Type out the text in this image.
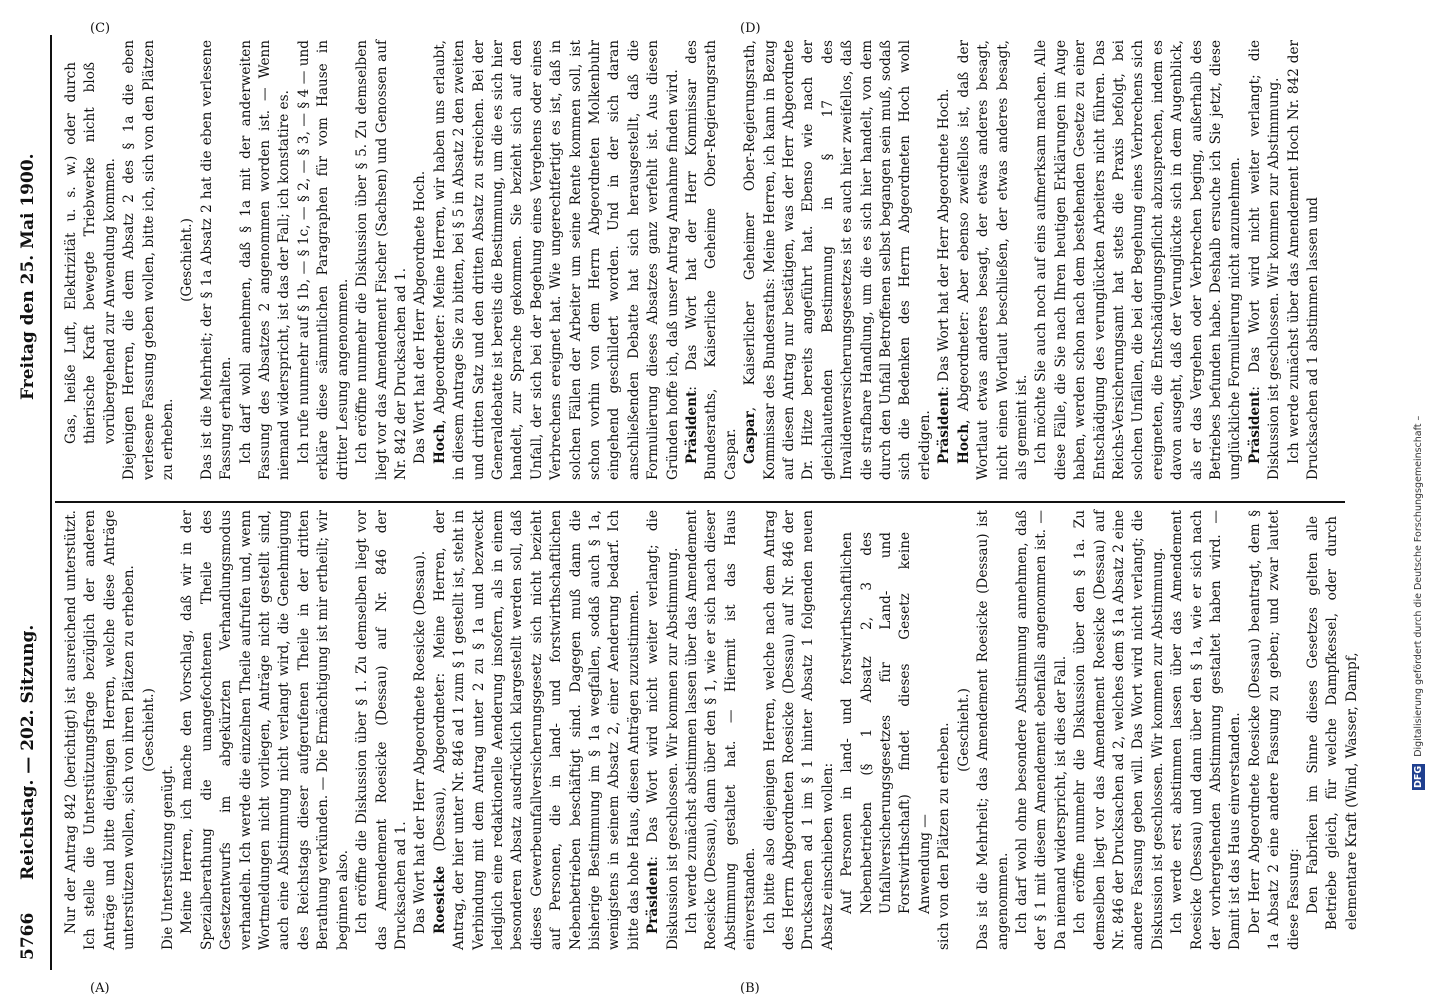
5766
Reichstag. — 202. Sitzung.
Freitag den 25. Mai 1900.

Nur der Antrag 842 (berichtigt) ist ausreichend unterstützt. Ich stelle die Unterstützungsfrage bezüglich der anderen Anträge und bitte diejenigen Herren, welche diese Anträge unterstützen wollen, sich von ihren Plätzen zu erheben. (Geschieht.)

Die Unterstützung genügt. Meine Herren, ich mache den Vorschlag, daß wir in der Spezialberathung die unangefochtenen Theile des Gesetzentwurfs im abgekürzten Verhandlungsmodus verhandeln. Ich werde die einzelnen Theile aufrufen und, wenn Wortmeldungen nicht vorliegen, Anträge nicht gestellt sind, auch eine Abstimmung nicht verlangt wird, die Genehmigung des Reichstags dieser aufgerufenen Theile in der dritten Berathung verkünden. — Die Ermächtigung ist mir ertheilt; wir beginnen also. Ich eröffne die Diskussion über § 1. Zu demselben liegt vor das Amendement Roesicke (Dessau) auf Nr. 846 der Drucksachen ad 1. Das Wort hat der Herr Abgeordnete Roesicke (Dessau). Roesicke (Dessau), Abgeordneter: Meine Herren, der Antrag, der hier unter Nr. 846 ad 1 zum § 1 gestellt ist, steht in Verbindung mit dem Antrag unter 2 zu § 1a und bezweckt lediglich eine redaktionelle Aenderung insofern, als in einem besonderen Absatz ausdrücklich klargestellt werden soll, daß dieses Gewerbeunfallversicherungsgesetz sich nicht bezieht auf Personen, die in land- und forstwirthschaftlichen Nebenbetrieben beschäftigt sind. Dagegen muß dann die bisherige Bestimmung im § 1a wegfallen, sodaß auch § 1a, wenigstens in seinem Absatz 2, einer Aenderung bedarf. Ich bitte das hohe Haus, diesen Anträgen zuzustimmen. Präsident: Das Wort wird nicht weiter verlangt; die Diskussion ist geschlossen. Wir kommen zur Abstimmung. Ich werde zunächst abstimmen lassen über das Amendement Roesicke (Dessau), dann über den § 1, wie er sich nach dieser Abstimmung gestaltet hat. — Hiermit ist das Haus einverstanden. Ich bitte also diejenigen Herren, welche nach dem Antrag des Herrn Abgeordneten Roesicke (Dessau) auf Nr. 846 der Drucksachen ad 1 im § 1 hinter Absatz 1 folgenden neuen Absatz einschieben wollen: Auf Personen in land- und forstwirthschaftlichen Nebenbetrieben (§ 1 Absatz 2, 3 des Unfallversicherungsgesetzes für Land- und Forstwirthschaft) findet dieses Gesetz keine Anwendung — sich von den Plätzen zu erheben. (Geschieht.) Das ist die Mehrheit; das Amendement Roesicke (Dessau) ist angenommen. Ich darf wohl ohne besondere Abstimmung annehmen, daß der § 1 mit diesem Amendement ebenfalls angenommen ist. — Da niemand widerspricht, ist dies der Fall. Ich eröffne nunmehr die Diskussion über den § 1a. Zu demselben liegt vor das Amendement Roesicke (Dessau) auf Nr. 846 der Drucksachen ad 2, welches dem § 1a Absatz 2 eine andere Fassung geben will. Das Wort wird nicht verlangt; die Diskussion ist geschlossen. Wir kommen zur Abstimmung. Ich werde erst abstimmen lassen über das Amendement Roesicke (Dessau) und dann über den § 1a, wie er sich nach der vorhergehenden Abstimmung gestaltet haben wird. — Damit ist das Haus einverstanden. Der Herr Abgeordnete Roesicke (Dessau) beantragt, dem § 1a Absatz 2 eine andere Fassung zu geben; und zwar lautet diese Fassung: Den Fabriken im Sinne dieses Gesetzes gelten alle Betriebe gleich, für welche Dampfkessel, oder durch elementare Kraft (Wind, Wasser, Dampf,

Gas, heiße Luft, Elektrizität u. s. w.) oder durch thierische Kraft bewegte Triebwerke nicht bloß vorübergehend zur Anwendung kommen. Diejenigen Herren, die dem Absatz 2 des § 1a die eben verlesene Fassung geben wollen, bitte ich, sich von den Plätzen zu erheben.

(Geschieht.) Das ist die Mehrheit; der § 1a Absatz 2 hat die eben verlesene Fassung erhalten. Ich darf wohl annehmen, daß § 1a mit der anderweiten Fassung des Absatzes 2 angenommen worden ist. — Wenn niemand widerspricht, ist das der Fall; ich konstatire es. Ich rufe nunmehr auf § 1b, — § 1c, — § 2, — § 3, — § 4 — und erkläre diese sämmtlichen Paragraphen für vom Hause in dritter Lesung angenommen. Ich eröffne nunmehr die Diskussion über § 5. Zu demselben liegt vor das Amendement Fischer (Sachsen) und Genossen auf Nr. 842 der Drucksachen ad 1. Das Wort hat der Herr Abgeordnete Hoch. Hoch, Abgeordneter: Meine Herren, wir haben uns erlaubt, in diesem Antrage Sie zu bitten, bei § 5 in Absatz 2 den zweiten und dritten Satz und den dritten Absatz zu streichen. Bei der Generaldebatte ist bereits die Bestimmung, um die es sich hier handelt, zur Sprache gekommen. Sie bezieht sich auf den Unfall, der sich bei der Begehung eines Vergehens oder eines Verbrechens ereignet hat. Wie ungerechtfertigt es ist, daß in solchen Fällen der Arbeiter um seine Rente kommen soll, ist schon vorhin von dem Herrn Abgeordneten Molkenbuhr eingehend geschildert worden. Und in der sich daran anschließenden Debatte hat sich herausgestellt, daß die Formulierung dieses Absatzes ganz verfehlt ist. Aus diesen Gründen hoffe ich, daß unser Antrag Annahme finden wird. Präsident: Das Wort hat der Herr Kommissar des Bundesraths, Kaiserliche Geheime Ober-Regierungsrath Caspar. Caspar, Kaiserlicher Geheimer Ober-Regierungsrath, Kommissar des Bundesraths: Meine Herren, ich kann in Bezug auf diesen Antrag nur bestätigen, was der Herr Abgeordnete Dr. Hitze bereits angeführt hat. Ebenso wie nach der gleichlautenden Bestimmung in § 17 des Invalidenversicherungsgesetzes ist es auch hier zweifellos, daß die strafbare Handlung, um die es sich hier handelt, von dem durch den Unfall Betroffenen selbst begangen sein muß, sodaß sich die Bedenken des Herrn Abgeordneten Hoch wohl erledigen. Präsident: Das Wort hat der Herr Abgeordnete Hoch.

Hoch, Abgeordneter: Aber ebenso zweifellos ist, daß der Wortlaut etwas anderes besagt, der etwas anderes besagt, nicht einen Wortlaut beschließen, der etwas anderes besagt, als gemeint ist. Ich möchte Sie auch noch auf eins aufmerksam machen. Alle diese Fälle, die Sie nach Ihren heutigen Erklärungen im Auge haben, werden schon nach dem bestehenden Gesetze zu einer Entschädigung des verunglückten Arbeiters nicht führen. Das Reichs-Versicherungsamt hat stets die Praxis befolgt, bei solchen Unfällen, die bei der Begehung eines Verbrechens sich ereigneten, die Entschädigungspflicht abzusprechen, indem es davon ausgeht, daß der Verunglückte sich in dem Augenblick, als er das Vergehen oder Verbrechen beging, außerhalb des Betriebes befunden habe. Deshalb ersuche ich Sie jetzt, diese unglückliche Formulierung nicht anzunehmen. Präsident: Das Wort wird nicht weiter verlangt; die Diskussion ist geschlossen. Wir kommen zur Abstimmung. Ich werde zunächst über das Amendement Hoch Nr. 842 der Drucksachen ad 1 abstimmen lassen und

(A)	(B)
(C)	(D)
DFG Digitalisierung gefördert durch die Deutsche Forschungsgemeinschaft –
